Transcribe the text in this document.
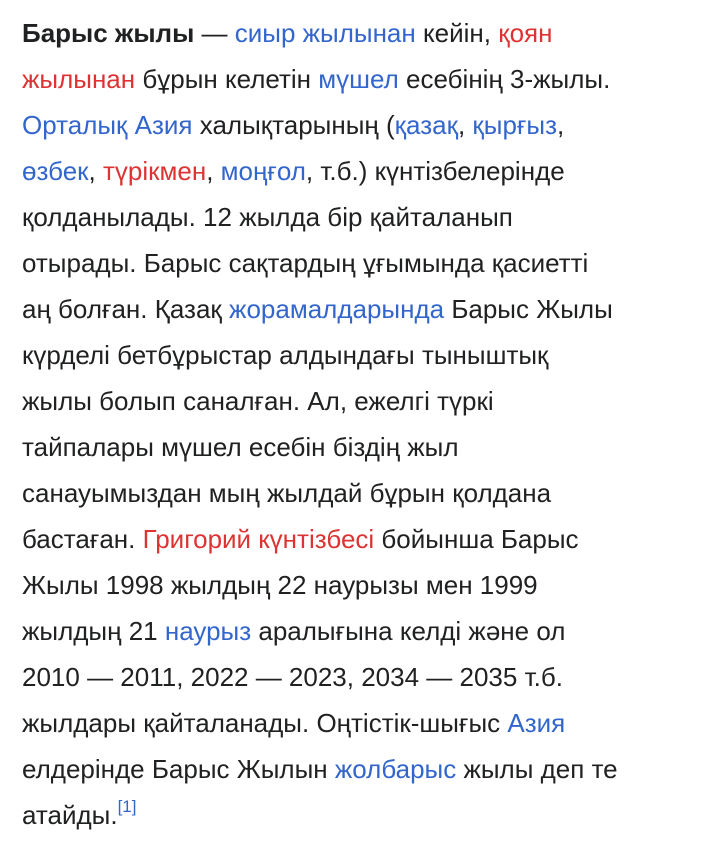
Барыс жылы — сиыр жылынан кейін, қоян
жылынан бұрын келетін мүшел есебінің 3-жылы.
Орталық Азия халықтарының (қазақ, қырғыз,
өзбек, түрікмен, моңғол, т.б.) күнтізбелерінде
қолданылады. 12 жылда бір қайталанып
отырады. Барыс сақтардың ұғымында қасиетті
аң болған. Қазақ жорамалдарында Барыс Жылы
күрделі бетбұрыстар алдындағы тыныштық
жылы болып саналған. Ал, ежелгі түркі
тайпалары мүшел есебін біздің жыл
санауымыздан мың жылдай бұрын қолдана
бастаған. Григорий күнтізбесі бойынша Барыс
Жылы 1998 жылдың 22 наурызы мен 1999
жылдың 21 наурыз аралығына келді және ол
2010 — 2011, 2022 — 2023, 2034 — 2035 т.б.
жылдары қайталанады. Оңтістік-шығыс Азия
елдерінде Барыс Жылын жолбарыс жылы деп те
атайды.[1]
